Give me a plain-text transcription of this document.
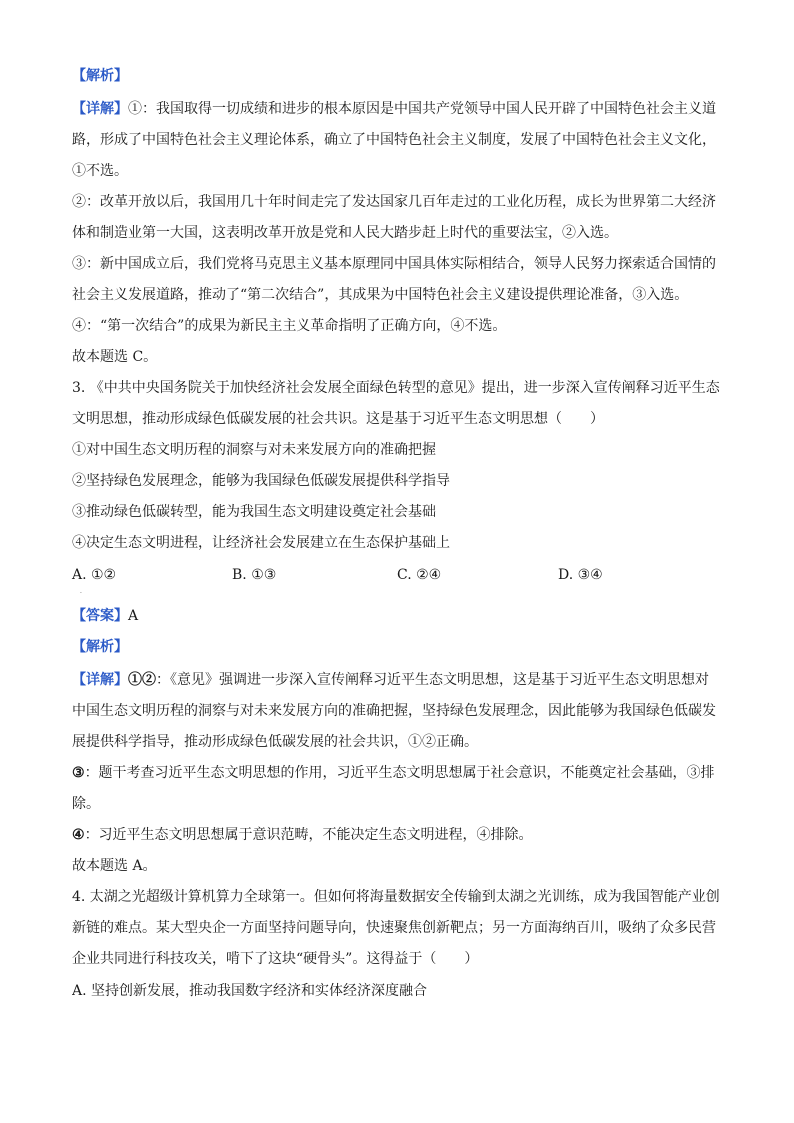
【解析】
【详解】①：我国取得一切成绩和进步的根本原因是中国共产党领导中国人民开辟了中国特色社会主义道
路，形成了中国特色社会主义理论体系，确立了中国特色社会主义制度，发展了中国特色社会主义文化，
①不选。
②：改革开放以后，我国用几十年时间走完了发达国家几百年走过的工业化历程，成长为世界第二大经济
体和制造业第一大国，这表明改革开放是党和人民大踏步赶上时代的重要法宝，②入选。
③：新中国成立后，我们党将马克思主义基本原理同中国具体实际相结合，领导人民努力探索适合国情的
社会主义发展道路，推动了“第二次结合”，其成果为中国特色社会主义建设提供理论准备，③入选。
④：“第一次结合”的成果为新民主主义革命指明了正确方向，④不选。
故本题选 C。
3. 《中共中央国务院关于加快经济社会发展全面绿色转型的意见》提出，进一步深入宣传阐释习近平生态
文明思想，推动形成绿色低碳发展的社会共识。这是基于习近平生态文明思想（　　）
①对中国生态文明历程的洞察与对未来发展方向的准确把握
②坚持绿色发展理念，能够为我国绿色低碳发展提供科学指导
③推动绿色低碳转型，能为我国生态文明建设奠定社会基础
④决定生态文明进程，让经济社会发展建立在生态保护基础上
A. ①②	B. ①③	C. ②④	D. ③④
·
【答案】A
【解析】
【详解】①②：《意见》强调进一步深入宣传阐释习近平生态文明思想，这是基于习近平生态文明思想对
中国生态文明历程的洞察与对未来发展方向的准确把握，坚持绿色发展理念，因此能够为我国绿色低碳发
展提供科学指导，推动形成绿色低碳发展的社会共识，①②正确。
③：题干考查习近平生态文明思想的作用，习近平生态文明思想属于社会意识，不能奠定社会基础，③排
除。
④：习近平生态文明思想属于意识范畴，不能决定生态文明进程，④排除。
故本题选 A。
4. 太湖之光超级计算机算力全球第一。但如何将海量数据安全传输到太湖之光训练，成为我国智能产业创
新链的难点。某大型央企一方面坚持问题导向，快速聚焦创新靶点；另一方面海纳百川，吸纳了众多民营
企业共同进行科技攻关，啃下了这块“硬骨头”。这得益于（　　）
A. 坚持创新发展，推动我国数字经济和实体经济深度融合
